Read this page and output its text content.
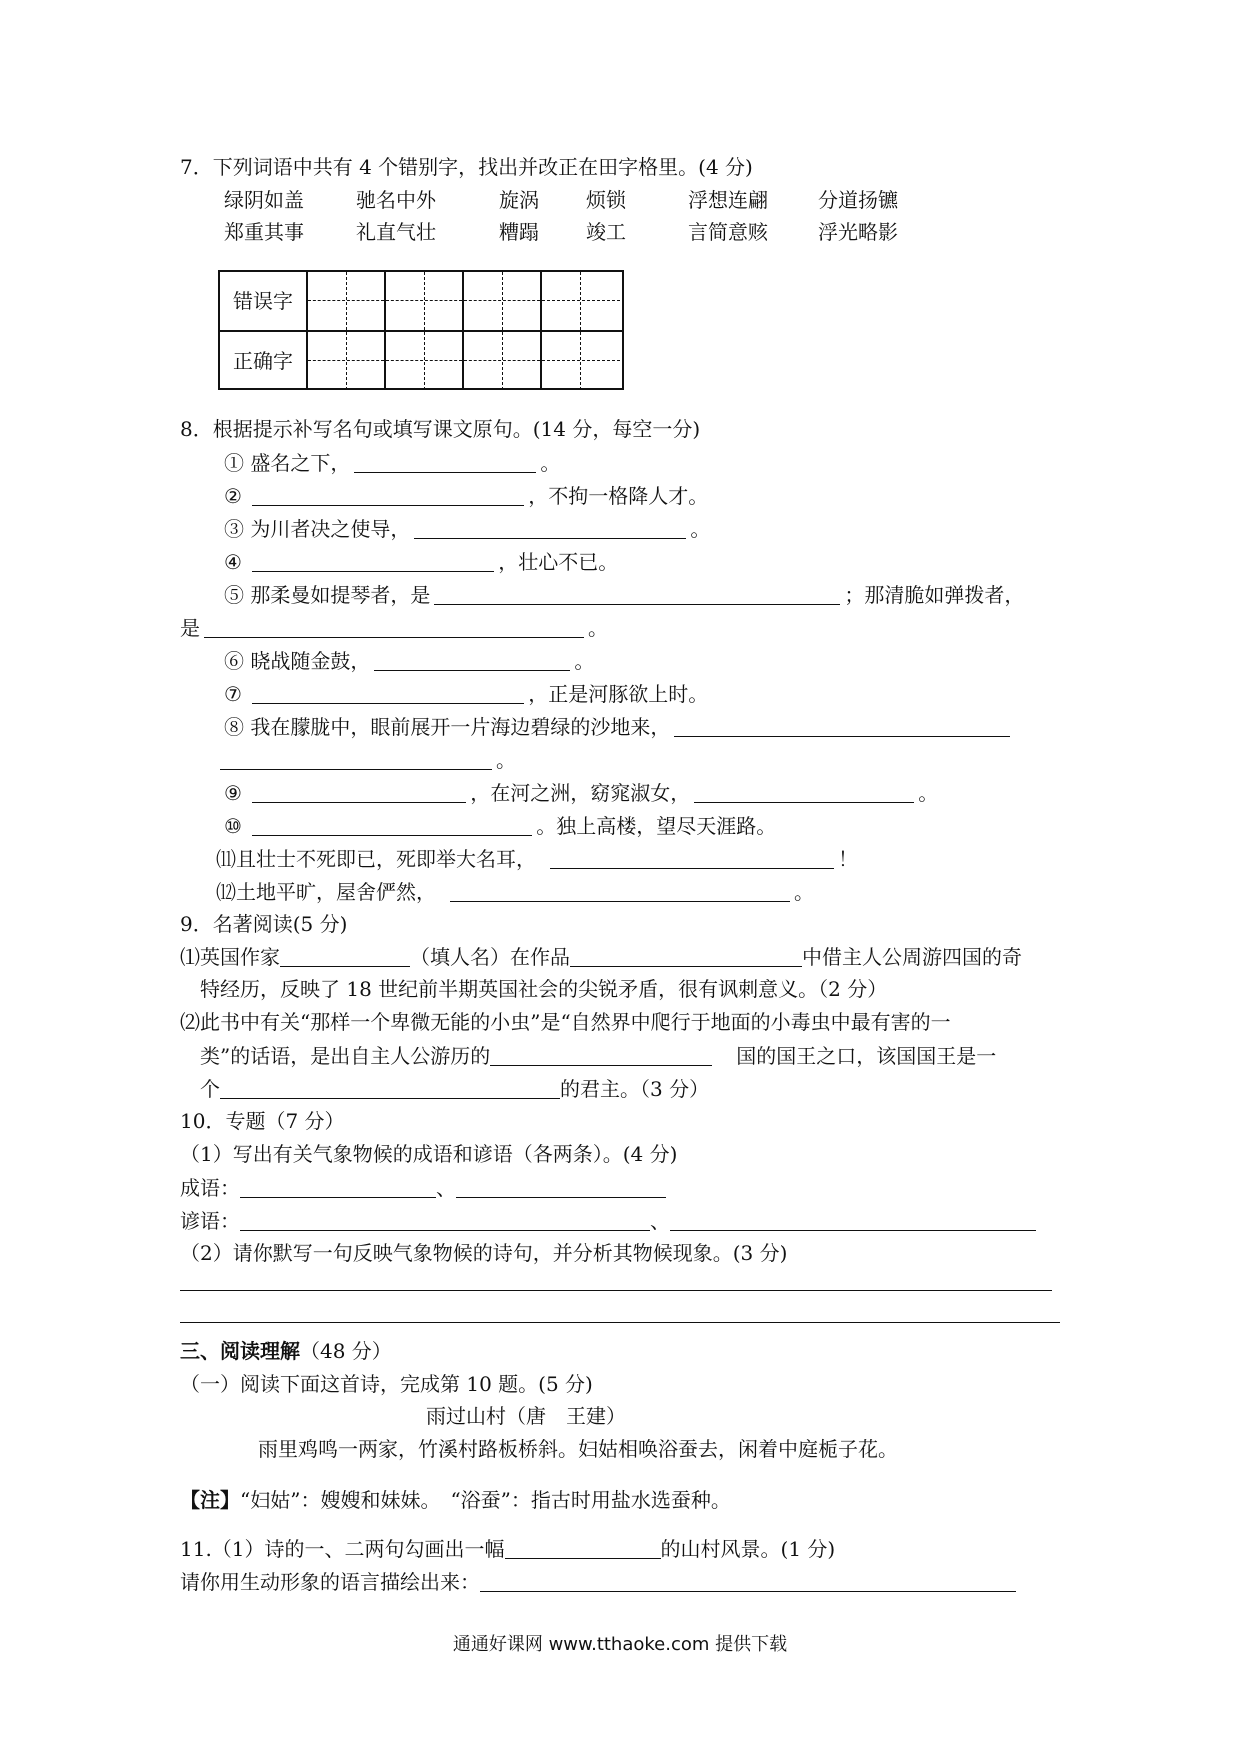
7．下列词语中共有 4 个错别字，找出并改正在田字格里。(4 分)
绿阴如盖	驰名中外	旋涡 烦锁	浮想连翩	分道扬镳
郑重其事	礼直气壮	糟蹋 竣工	言简意赅	浮光略影
错误字
正确字
8．根据提示补写名句或填写课文原句。(14 分，每空一分)
① 盛名之下，	。
②	，不拘一格降人才。
③ 为川者决之使导，	。
④	，壮心不已。
⑤ 那柔曼如提琴者，是	；那清脆如弹拨者，
是	。
⑥ 晓战随金鼓，	。
⑦	，正是河豚欲上时。
⑧ 我在朦胧中，眼前展开一片海边碧绿的沙地来，
。
⑨	，在河之洲，窈窕淑女，	。
⑩	。独上高楼，望尽天涯路。
⑾且壮士不死即已，死即举大名耳，	！
⑿土地平旷，屋舍俨然，	。
9．名著阅读(5 分)
⑴英国作家	（填人名）在作品	中借主人公周游四国的奇
特经历，反映了 18 世纪前半期英国社会的尖锐矛盾，很有讽刺意义。（2 分）
⑵此书中有关“那样一个卑微无能的小虫”是“自然界中爬行于地面的小毒虫中最有害的一
类”的话语，是出自主人公游历的	国的国王之口，该国国王是一
个	的君主。（3 分）
10．专题（7 分）
（1）写出有关气象物候的成语和谚语（各两条）。(4 分)
成语：	、
谚语：	、
（2）请你默写一句反映气象物候的诗句，并分析其物候现象。(3 分)
三、阅读理解（48 分）
（一）阅读下面这首诗，完成第 10 题。(5 分)
雨过山村（唐　王建）
雨里鸡鸣一两家，竹溪村路板桥斜。妇姑相唤浴蚕去，闲着中庭栀子花。
【注】“妇姑”：嫂嫂和妹妹。　“浴蚕”：指古时用盐水选蚕种。
11.（1）诗的一、二两句勾画出一幅	的山村风景。(1 分)
请你用生动形象的语言描绘出来：
通通好课网 www.tthaoke.com 提供下载
